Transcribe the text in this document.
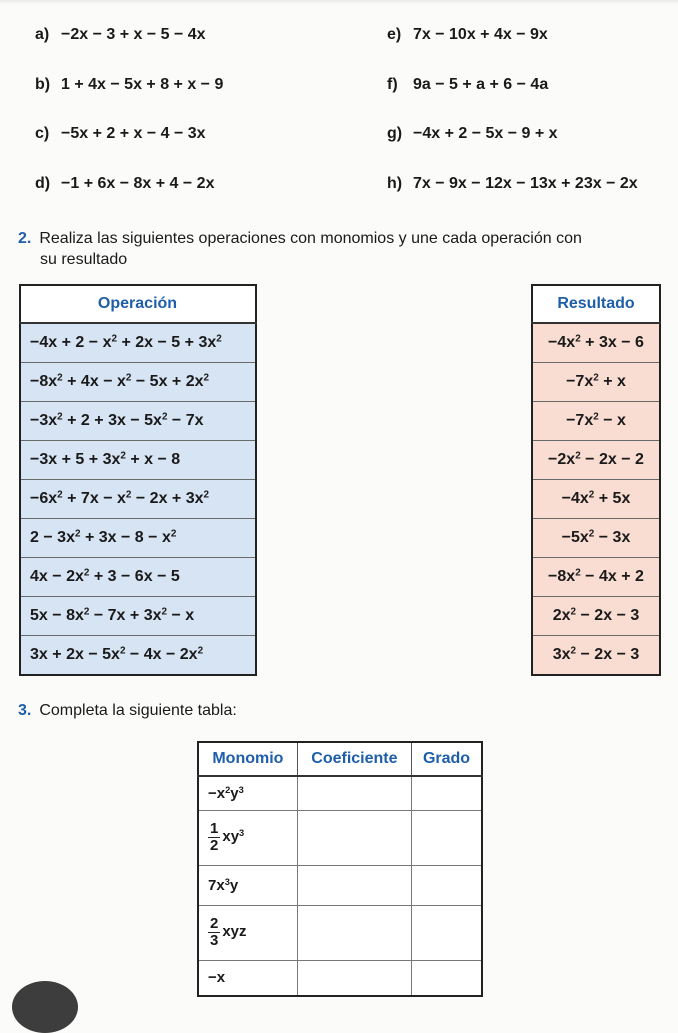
a) −2x − 3 + x − 5 − 4x
b) 1 + 4x − 5x + 8 + x − 9
c) −5x + 2 + x − 4 − 3x
d) −1 + 6x − 8x + 4 − 2x
e) 7x − 10x + 4x − 9x
f) 9a − 5 + a + 6 − 4a
g) −4x + 2 − 5x − 9 + x
h) 7x − 9x − 12x − 13x + 23x − 2x
2. Realiza las siguientes operaciones con monomios y une cada operación con
su resultado
Operación
$-4x + 2 - x^2 + 2x - 5 + 3x^2$
$-8x^2 + 4x - x^2 - 5x + 2x^2$
$-3x^2 + 2 + 3x - 5x^2 - 7x$
$-3x + 5 + 3x^2 + x - 8$
$-6x^2 + 7x - x^2 - 2x + 3x^2$
$2 - 3x^2 + 3x - 8 - x^2$
$4x - 2x^2 + 3 - 6x - 5$
$5x - 8x^2 - 7x + 3x^2 - x$
$3x + 2x - 5x^2 - 4x - 2x^2$
Resultado
$-4x^2 + 3x - 6$
$-7x^2 + x$
$-7x^2 - x$
$-2x^2 - 2x - 2$
$-4x^2 + 5x$
$-5x^2 - 3x$
$-8x^2 - 4x + 2$
$2x^2 - 2x - 3$
$3x^2 - 2x - 3$
3. Completa la siguiente tabla:
Monomio	Coeficiente	Grado
$-x^2y^3$		

$\frac{1}{2} xy^3$		
$7x^3y$		

$\frac{2}{3}$ xyz		
−x		
